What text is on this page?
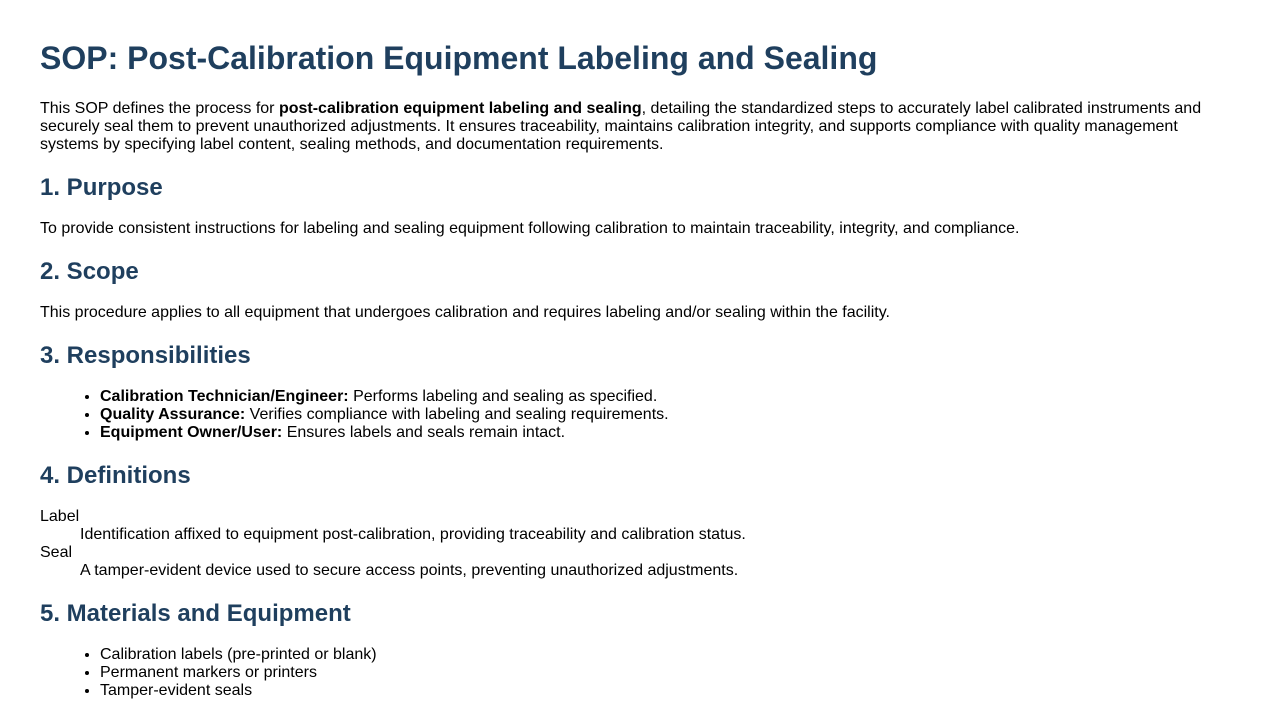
SOP: Post-Calibration Equipment Labeling and Sealing

This SOP defines the process for post-calibration equipment labeling and sealing, detailing the standardized steps to accurately label calibrated instruments and securely seal them to prevent unauthorized adjustments. It ensures traceability, maintains calibration integrity, and supports compliance with quality management systems by specifying label content, sealing methods, and documentation requirements.

1. Purpose

To provide consistent instructions for labeling and sealing equipment following calibration to maintain traceability, integrity, and compliance.

2. Scope

This procedure applies to all equipment that undergoes calibration and requires labeling and/or sealing within the facility.

3. Responsibilities
• Calibration Technician/Engineer: Performs labeling and sealing as specified.
• Quality Assurance: Verifies compliance with labeling and sealing requirements.
• Equipment Owner/User: Ensures labels and seals remain intact.
4. Definitions
Label
Identification affixed to equipment post-calibration, providing traceability and calibration status.
Seal
A tamper-evident device used to secure access points, preventing unauthorized adjustments.
5. Materials and Equipment
• Calibration labels (pre-printed or blank)
• Permanent markers or printers
• Tamper-evident seals
